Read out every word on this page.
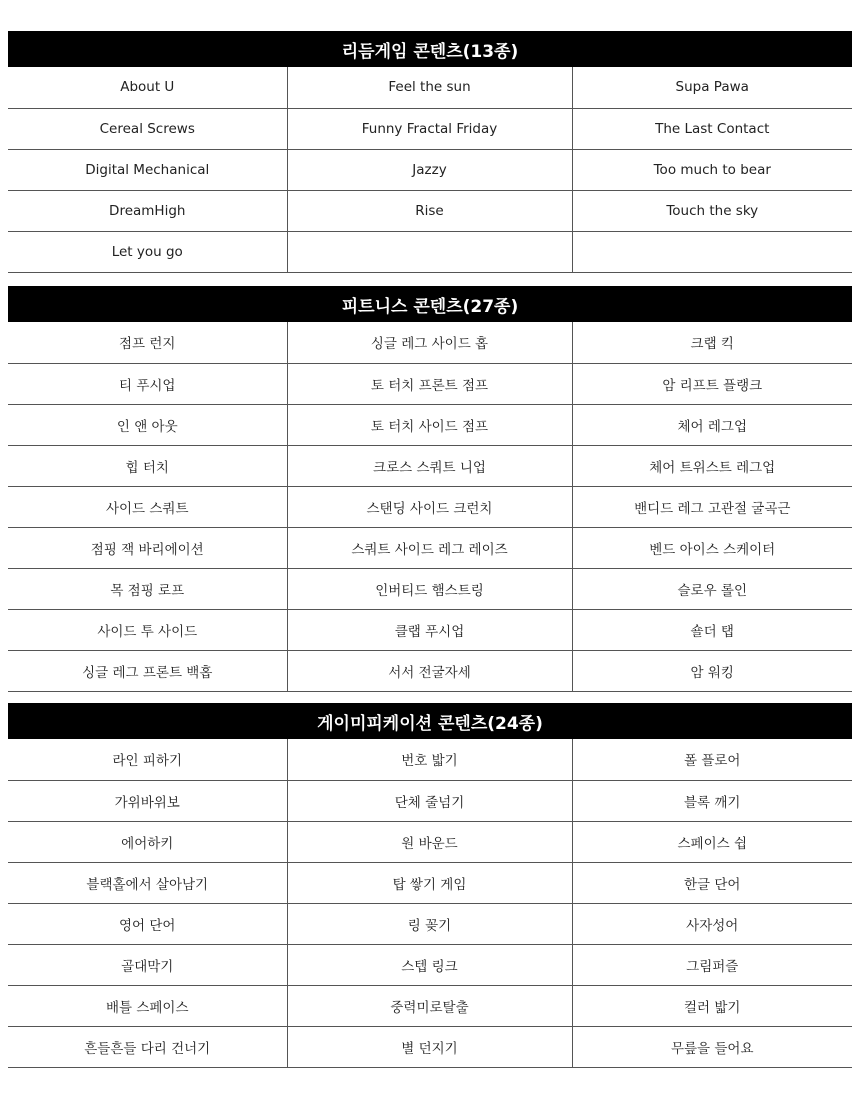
리듬게임 콘텐츠(13종)
About U	Feel the sun	Supa Pawa
Cereal Screws	Funny Fractal Friday	The Last Contact
Digital Mechanical	Jazzy	Too much to bear
DreamHigh	Rise	Touch the sky
Let you go		
피트니스 콘텐츠(27종)
점프 런지	싱글 레그 사이드 홉	크랩 킥
티 푸시업	토 터치 프론트 점프	암 리프트 플랭크
인 앤 아웃	토 터치 사이드 점프	체어 레그업
힙 터치	크로스 스쿼트 니업	체어 트위스트 레그업
사이드 스쿼트	스탠딩 사이드 크런치	밴디드 레그 고관절 굴곡근
점핑 잭 바리에이션	스쿼트 사이드 레그 레이즈	벤드 아이스 스케이터
목 점핑 로프	인버티드 햄스트링	슬로우 롤인
사이드 투 사이드	클랩 푸시업	숄더 탭
싱글 레그 프론트 백홉	서서 전굴자세	암 워킹
게이미피케이션 콘텐츠(24종)
라인 피하기	번호 밟기	폴 플로어
가위바위보	단체 줄넘기	블록 깨기
에어하키	원 바운드	스페이스 쉽
블랙홀에서 살아남기	탑 쌓기 게임	한글 단어
영어 단어	링 꽂기	사자성어
골대막기	스텝 링크	그림퍼즐
배틀 스페이스	중력미로탈출	컬러 밟기
흔들흔들 다리 건너기	별 던지기	무릎을 들어요
